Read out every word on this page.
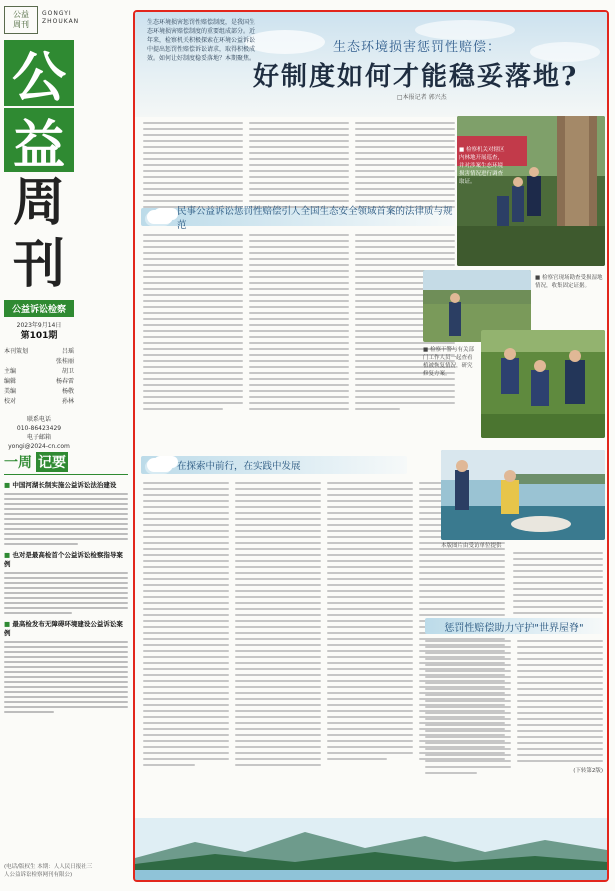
公益
周刊
GONGYI
ZHOUKAN
公
益
周
刊
公益诉讼检察
2023年9月14日
第101期
本刊策划	吕瑶
张桂丽
主编	胡卫
编辑	杨春雷
美编	杨敬
校对	孙林
联系电话
010-86423429
电子邮箱
yongi@2024-cn.com
一周 记要
■ 中国河湖长制实施公益诉讼法治建设
■ 也对是最高检首个公益诉讼检察指导案例
■ 最高检发布无障碍环境建设公益诉讼案例
(电话/版权生 本期：人人民日报社三
人公益诉讼检察网刊有限公)
生态环境损害惩罚性赔偿制度，是我国生态环境损害赔偿制度的重要组成部分。近年来，检察机关积极探索在环境公益诉讼中提出惩罚性赔偿诉讼请求，取得积极成效。如何让好制度稳妥落地？本期聚焦。
生态环境损害惩罚性赔偿：
好制度如何才能稳妥落地?
□本报记者 郭兴杰
民事公益诉讼惩罚性赔偿引人全国生态安全领域首案的法律质与规范
在探索中前行，在实践中发展
惩罚性赔偿助力守护"世界屋脊"
(下转第2版)
■ 检察机关对辖区内林地开展巡查，并对涉案生态环境损害情况进行调查取证。
■ 检察官现场勘查受损湿地情况，收集固定证据。
■ 检察干警与有关部门工作人员一起查看植被恢复情况，研究修复方案。
本版图片由受访单位提供
